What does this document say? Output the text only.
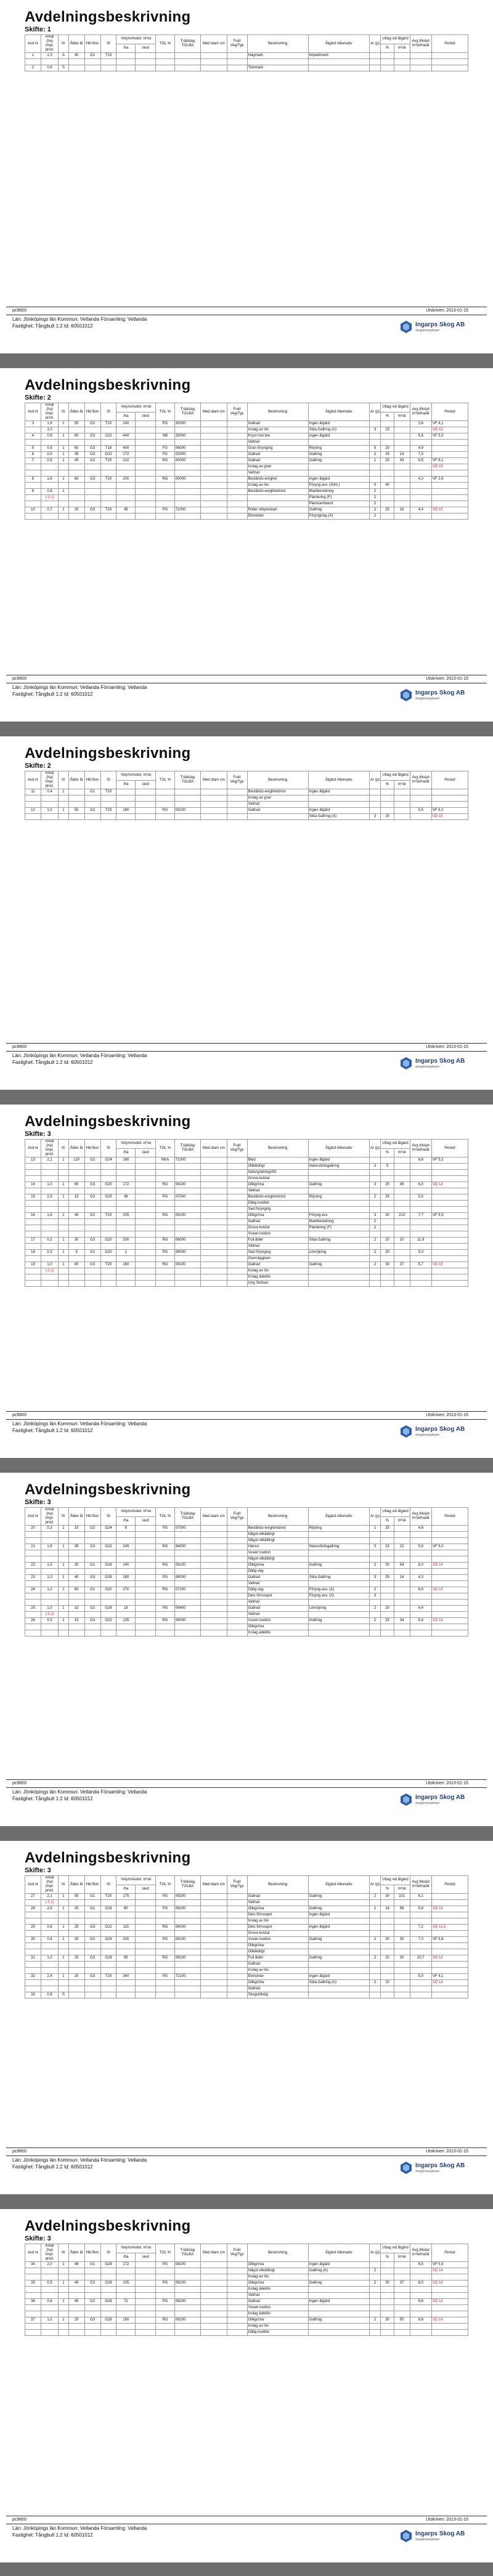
Avdelningsbeskrivning
Skifte: 1
Avd nr	Areal (ha) Impr. prod.	Kl	Ålder år	Hkl Bon	SI	Volym/Avdel. m³sk		TGL %	Trädslag TGLBA	Med diam cm	Fukt Veg/Typ	Beskrivning	Åtgärd Alternativ	Ar (p)	Uttag vid åtgärd		Avg tillväxt m³sk/ha/år	Period
						/ha	/avd								%	m³sk		
1	1,0	A	40	G1	T20							Hagmark	Impediment					

2	0,6	S										Torvmark						
pc9600	Utskriven: 2013-01-15
Län: Jönköpings län Kommun: Vetlanda Församling: Vetlanda
Fastighet: Tångbult 1:2 Id: 60501012	Ingarps Skog AB
skogsbruksplaner
Avdelningsbeskrivning
Skifte: 2
Avd nr	Areal (ha) Impr. prod.	Kl	Ålder år	Hkl Bon	SI	Volym/Avdel. m³sk		TGL %	Trädslag TGLBA	Med diam cm	Fukt Veg/Typ	Beskrivning	Åtgärd Alternativ	Ar (p)	Uttag vid åtgärd		Avg tillväxt m³sk/ha/år	Period
						/ha	/avd								%	m³sk		
3	1,6	1	55	G2	T20	240		PG	30000			Gallrad	Ingen åtgärd				3,6	VF 4,1
	1,0											Inslag av löv	Stda Gallring (A)	3	15			VD 15
4	0,8	1	60	G3	G22	440		NB	32000			Kryst mot bre	Ingen åtgärd				5,6	VF 5,5
												Vattnat						
5	0,5	1	60	G3	T18	400		FG	06000			Gran förynging	Röjning	5	25		4,9	
6	0,5	1	35	G3	G22	172		FG	02000			Gallrad	Gallring	2	25	14	7,5	
7	0,5	1	45	G2	T20	210		RG	00000			Gallrad	Gallring	1	25	43	6,5	VF 6,1
												Inslag av gran						VD 15
												Vattnat						
8	1,6	1	60	G3	T20	200		RG	00000			Bestånds-enighet	Ingen åtgärd				4,3	VF 2,6
												Inslag av löv	Föryng avv. (Allm.)	3	40			
9	0,8	1										Bestånds-enighetsbrist	Markberedning	2				
	(-3,1)												Plantering (F)	2				
													Plantsamband	2				
10	0,7	1	20	G3	T20	45		PG	71000			Roller utbytesbart	Gallring	2	25	16	4,4	VD 15
												Ekmonter	Föryngring (A)	2				
pc9600	Utskriven: 2013-01-15
Län: Jönköpings län Kommun: Vetlanda Församling: Vetlanda
Fastighet: Tångbult 1:2 Id: 60501012	Ingarps Skog AB
skogsbruksplaner
Avdelningsbeskrivning
Skifte: 2
Avd nr	Areal (ha) Impr. prod.	Kl	Ålder år	Hkl Bon	SI	Volym/Avdel. m³sk		TGL %	Trädslag TGLBA	Med diam cm	Fukt Veg/Typ	Beskrivning	Åtgärd Alternativ	Ar (p)	Uttag vid åtgärd		Avg tillväxt m³sk/ha/år	Period
						/ha	/avd								%	m³sk		
11	0,4	1		G1	T20							Bestånds-enighetsbrist	Ingen åtgärd					
												Inslag av gran						
												Vattnat						
12	1,0	1	55	G2	T20	180		RG	03100			Gallrad	Ingen åtgärd				5,5	VF 6,2
													Stda Gallring (A)	3	15			VD 15
pc9600	Utskriven: 2013-01-15
Län: Jönköpings län Kommun: Vetlanda Församling: Vetlanda
Fastighet: Tångbult 1:2 Id: 60501012	Ingarps Skog AB
skogsbruksplaner
Avdelningsbeskrivning
Skifte: 3
Avd nr	Areal (ha) Impr. prod.	Kl	Ålder år	Hkl Bon	SI	Volym/Avdel. m³sk		TGL %	Trädslag TGLBA	Med diam cm	Fukt Veg/Typ	Beskrivning	Åtgärd Alternativ	Ar (p)	Uttag vid åtgärd		Avg tillväxt m³sk/ha/år	Period
						/ha	/avd								%	m³sk		
13	2,1	1	120	G2	G24	180		NKA	71000			Blod	Ingen åtgärd				6,6	VF 5,2
												Olikåldrigt	Naturvårdsgallring	3	5			
												Naturgödningsföt						
												Grova kvistar						
14	1,0	1	60	G3	G20	172		RG	94100			Olikgröna	Gallring	3	25	45	6,0	VD 14
												Vattnat						
15	0,5	1	15	G3	G25	48		PG	07000			Bestånds-enighetsbrist	Röjning	2	25		5,5	
												Dålig kvalitet						
												Sed förynging						
16	1,6	1	40	G2	T20	205		RG	09100			Olikgröna	Föryng avv.	3	30	213	7,7	VF 5,9
												Gallrad	Markberedning	2				
												Grova kvistar	Plantering (F)	2				
												Vuxen tuvdon						
17	0,2	1	30	G3	G20	200		RG	06000			Full ålder	Stda Gallring	2	20	10	11,9	
												Vattnat						
18	0,5	1	5	G1	G20	1		PG	06000			Sed förynging	Lövröjning	2	20		5,0	
												Översliggiven						
19	1,0	1	80	G3	T20	160		RG	09100			Gallrad	Gallring	2	30	37	5,7	VD 15
	(-3,1)											Inslag av löv						
												Inslag ädellöv						
												Ung Skötsel						
pc9600	Utskriven: 2013-01-15
Län: Jönköpings län Kommun: Vetlanda Församling: Vetlanda
Fastighet: Tångbult 1:2 Id: 60501012	Ingarps Skog AB
skogsbruksplaner
Avdelningsbeskrivning
Skifte: 3
Avd nr	Areal (ha) Impr. prod.	Kl	Ålder år	Hkl Bon	SI	Volym/Avdel. m³sk		TGL %	Trädslag TGLBA	Med diam cm	Fukt Veg/Typ	Beskrivning	Åtgärd Alternativ	Ar (p)	Uttag vid åtgärd		Avg tillväxt m³sk/ha/år	Period
						/ha	/avd								%	m³sk		
20	0,3	1	15	G2	G24	8		PG	07000			Bestånds-enighetsbrist	Röjning	1	25		4,6	
												Något olikåldrigt						
												Något olikåldrigt						
21	1,6	1	35	G3	G22	245		RG	94000			Hänsn	Naturvårdsgallring	3	15	22	5,6	VF 5,0
												Vuxen tuvdon						
												Något olikåldrigt						
22	1,5	1	30	G1	G26	140		RG	09100			Olikgröna	Gallring	2	30	54	8,0	VD 14
												Dålig väg						
23	1,0	1	40	G3	G26	180		PG	06000			Gallrad	Stda Gallring	3	25	14	4,3	
												Vattnat						
24	1,2	1	60	G1	G20	270		RG	07100			Dålig väg	Föryng avv. (A)	2			6,6	VD 14
												Dels förnuspot	Föryng avv. (A)	3				
												Vattnat						
25	1,0	1	10	G2	G28	18		PG	09400			Gallrad	Lövröjning	2	20		4,4	
	(-3,1)											Vattnat						
26	0,5	1	15	G3	G22	135		RG	06000			Vuxen tuvdon	Gallring	2	25	34	5,4	VD 14
												Olikgröna						
												Inslag ädellöv						
pc9600	Utskriven: 2013-01-15
Län: Jönköpings län Kommun: Vetlanda Församling: Vetlanda
Fastighet: Tångbult 1:2 Id: 60501012	Ingarps Skog AB
skogsbruksplaner
Avdelningsbeskrivning
Skifte: 3
Avd nr	Areal (ha) Impr. prod.	Kl	Ålder år	Hkl Bon	SI	Volym/Avdel. m³sk		TGL %	Trädslag TGLBA	Med diam cm	Fukt Veg/Typ	Beskrivning	Åtgärd Alternativ	Ar (p)	Uttag vid åtgärd		Avg tillväxt m³sk/ha/år	Period
						/ha	/avd								%	m³sk		
27	2,1	1	55	G1	T20	175		PG	05200			Gallrad	Gallring	2	30	101	6,1	
	(-3,1)											Vattnat						
28	2,5	1	25	G1	G28	80		PG	09100			Olikgröna	Gallring	1	16	56	5,8	VD 14
												Dels förnuspot	Ingen åtgärd					
												Inslag av löv						
29	0,6	1	25	G3	G22	115		RG	06000			Dels förnuspot	Ingen åtgärd				7,2	VD 12,6
												Grova kvistar						
30	0,4	1	30	G2	G26	200		PG	09100			Vuxen tuvdon	Gallring	2	30	30	7,0	VF 5,8
												Olikgröna						
												Olikåldrigt						
31	1,0	1	25	G3	G28	95		RG	09100			Full ålder	Gallring	2	20	30	10,7	VD 14
												Gallrad						
												Inslag av löv						
32	2,4	1	20	G3	T20	340		PG	72100			Ekmonter	Ingen åtgärd				5,0	VF 4,1
												Olikgröna	Stda Gallring (A)	2	10			VD 14
												Gallrad						
33	0,6	S										Skogsbilväg						
pc9600	Utskriven: 2013-01-15
Län: Jönköpings län Kommun: Vetlanda Församling: Vetlanda
Fastighet: Tångbult 1:2 Id: 60501012	Ingarps Skog AB
skogsbruksplaner
Avdelningsbeskrivning
Skifte: 3
Avd nr	Areal (ha) Impr. prod.	Kl	Ålder år	Hkl Bon	SI	Volym/Avdel. m³sk		TGL %	Trädslag TGLBA	Med diam cm	Fukt Veg/Typ	Beskrivning	Åtgärd Alternativ	Ar (p)	Uttag vid åtgärd		Avg tillväxt m³sk/ha/år	Period
						/ha	/avd								%	m³sk		
34	2,0	1	48	G1	G28	172		PG	08200			Olikgröna	Ingen åtgärd				6,5	VF 5,5
												Något olikåldrigt	Gallring (A)	2				VD 14
												Inslag av löv						
35	0,5	1	40	G3	G26	105		PG	09100			Olikgröna	Gallring	2	30	37	8,0	VD 14
												Inslag ädellöv						
												Vattnat						
36	0,6	1	45	G2	G26	72		PG	06200			Gallrad	Ingen åtgärd				6,6	VD 14
												Vuxen tuvdon						
												Inslag ädellöv						
37	1,0	1	20	G3	G26	150		RG	09100			Olikgröna	Gallring	2	30	50	8,6	VD 14
												Inslag av löv						
												Dålig kvalitet						
pc9600	Utskriven: 2013-01-15
Län: Jönköpings län Kommun: Vetlanda Församling: Vetlanda
Fastighet: Tångbult 1:2 Id: 60501012	Ingarps Skog AB
skogsbruksplaner
